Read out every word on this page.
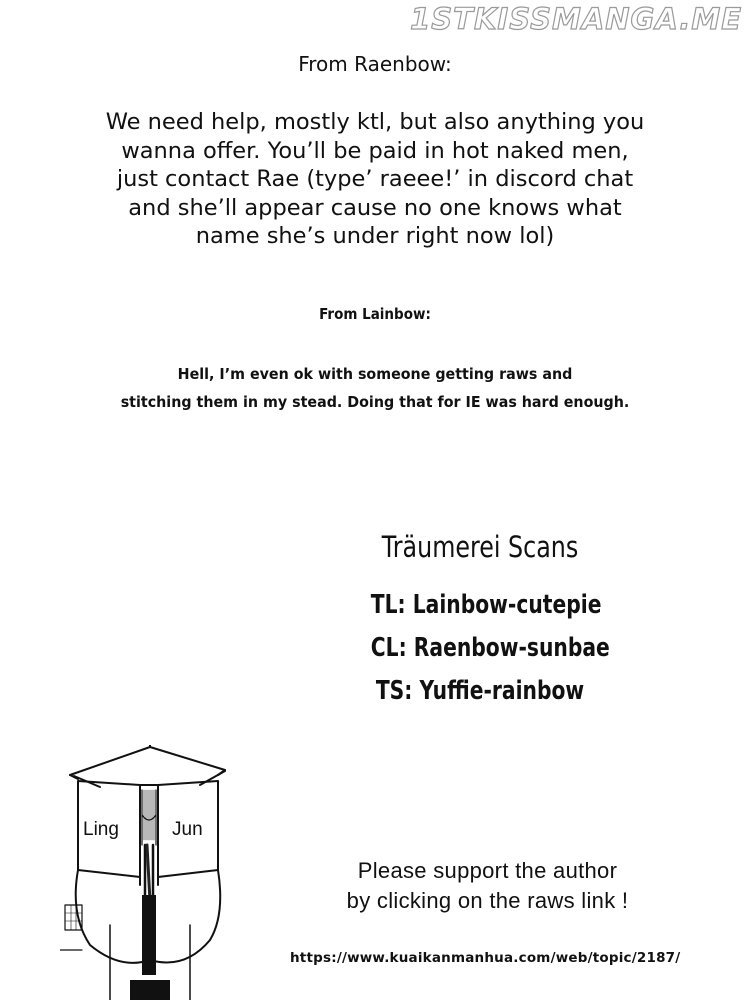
1STKISSMANGA.ME
From Raenbow:
We need help, mostly ktl, but also anything you
wanna offer. You’ll be paid in hot naked men,
just contact Rae (type’ raeee!’ in discord chat
and she’ll appear cause no one knows what
name she’s under right now lol)
From Lainbow:
Hell, I’m even ok with someone getting raws and
stitching them in my stead. Doing that for IE was hard enough.
Träumerei Scans
TL: Lainbow-cutepie
CL: Raenbow-sunbae
TS: Yuffie-rainbow
Ling	Jun
Please support the author
by clicking on the raws link !
https://www.kuaikanmanhua.com/web/topic/2187/
